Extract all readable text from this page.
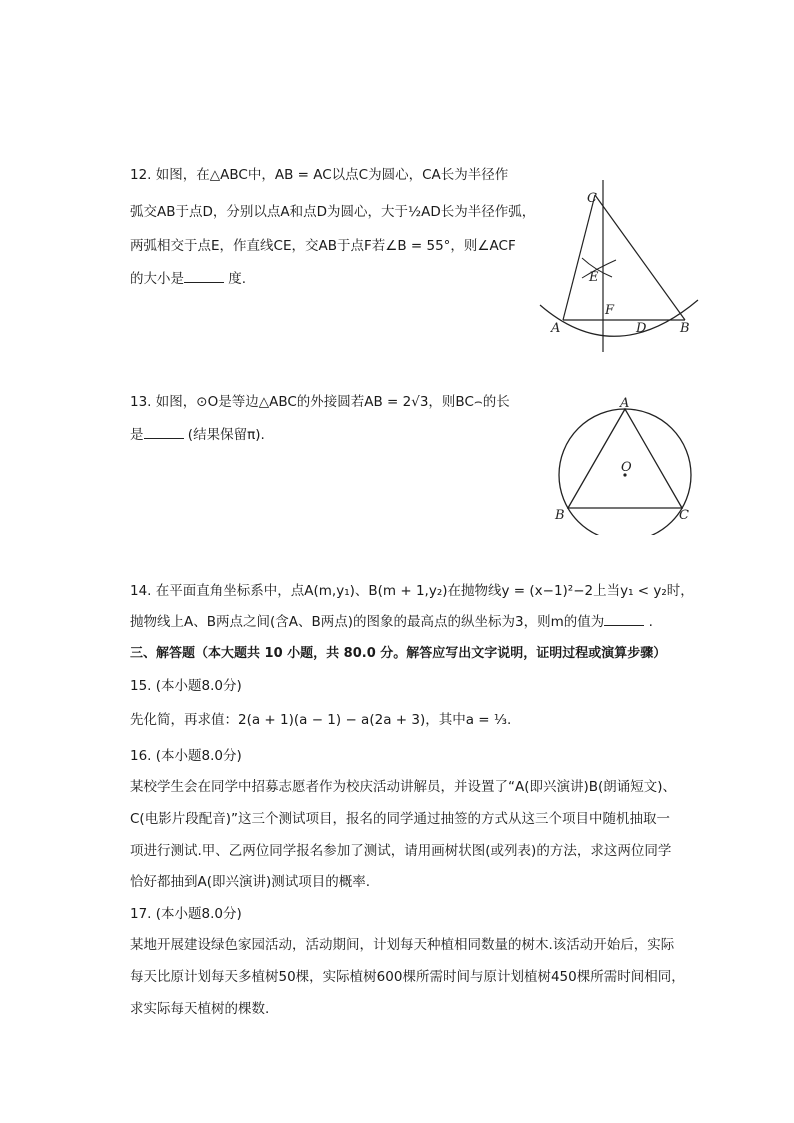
12. 如图，在△ABC中，AB = AC以点C为圆心，CA长为半径作
弧交AB于点D，分别以点A和点D为圆心，大于½AD长为半径作弧，
两弧相交于点E，作直线CE，交AB于点F若∠B = 55°，则∠ACF
的大小是	度.
C
E
F
A	D	B
13. 如图，⊙O是等边△ABC的外接圆若AB = 2√3，则BC⌢的长
是	(结果保留π).
A
O
B	C
14. 在平面直角坐标系中，点A(m,y₁)、B(m + 1,y₂)在抛物线y = (x−1)²−2上当y₁ < y₂时，
抛物线上A、B两点之间(含A、B两点)的图象的最高点的纵坐标为3，则m的值为	.
三、解答题（本大题共 10 小题，共 80.0 分。解答应写出文字说明，证明过程或演算步骤）
15. (本小题8.0分)
先化简，再求值：2(a + 1)(a − 1) − a(2a + 3)，其中a = ⅓.
16. (本小题8.0分)
某校学生会在同学中招募志愿者作为校庆活动讲解员，并设置了“A(即兴演讲)B(朗诵短文)、
C(电影片段配音)”这三个测试项目，报名的同学通过抽签的方式从这三个项目中随机抽取一
项进行测试.甲、乙两位同学报名参加了测试，请用画树状图(或列表)的方法，求这两位同学
恰好都抽到A(即兴演讲)测试项目的概率.
17. (本小题8.0分)
某地开展建设绿色家园活动，活动期间，计划每天种植相同数量的树木.该活动开始后，实际
每天比原计划每天多植树50棵，实际植树600棵所需时间与原计划植树450棵所需时间相同，
求实际每天植树的棵数.
